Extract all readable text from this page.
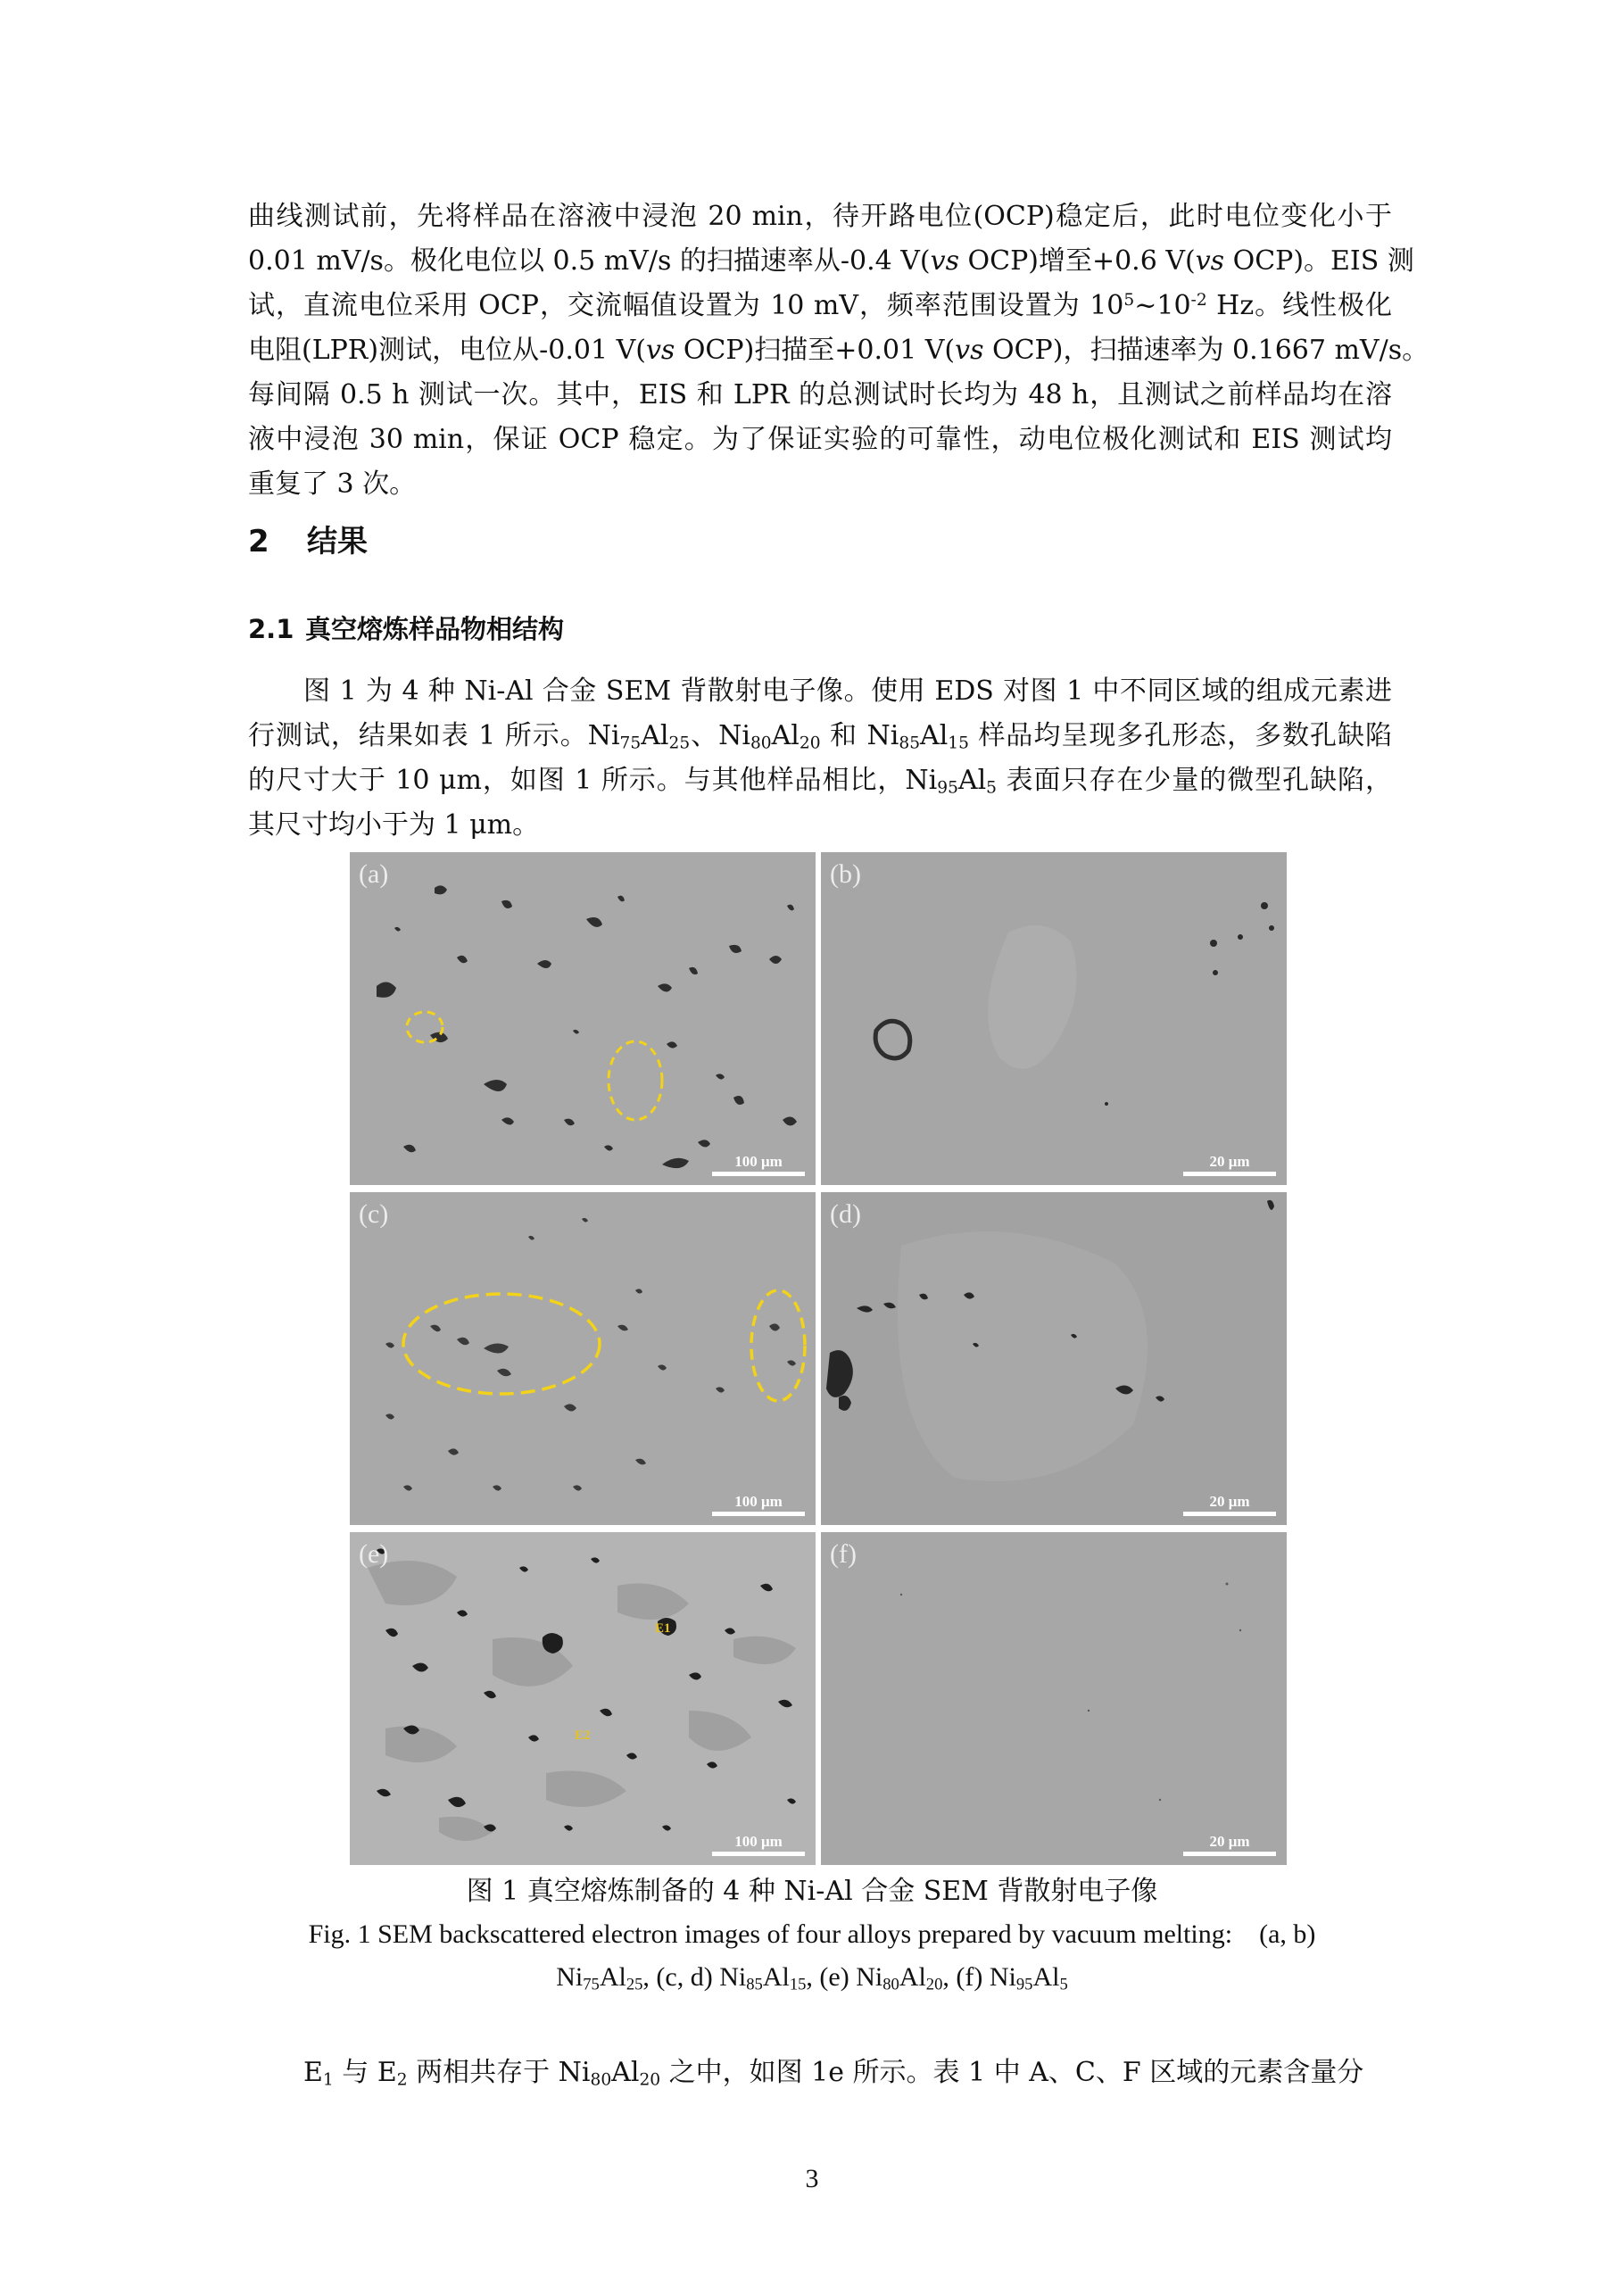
曲线测试前，先将样品在溶液中浸泡 20 min，待开路电位(OCP)稳定后，此时电位变化小于
0.01 mV/s。极化电位以 0.5 mV/s 的扫描速率从-0.4 V(vs OCP)增至+0.6 V(vs OCP)。EIS 测
试，直流电位采用 OCP，交流幅值设置为 10 mV，频率范围设置为 $10^5\sim 10^{-2}$ Hz。线性极化
电阻(LPR)测试，电位从-0.01 V(vs OCP)扫描至+0.01 V(vs OCP)，扫描速率为 0.1667 mV/s。
每间隔 0.5 h 测试一次。其中，EIS 和 LPR 的总测试时长均为 48 h，且测试之前样品均在溶
液中浸泡 30 min，保证 OCP 稳定。为了保证实验的可靠性，动电位极化测试和 EIS 测试均
重复了 3 次。
2 结果
2.1 真空熔炼样品物相结构
图 1 为 4 种 Ni-Al 合金 SEM 背散射电子像。使用 EDS 对图 1 中不同区域的组成元素进
行测试，结果如表 1 所示。$Ni_{75}Al_{25}$、$Ni_{80}Al_{20}$ 和 $Ni_{85}Al_{15}$ 样品均呈现多孔形态，多数孔缺陷
的尺寸大于 10 μm，如图 1 所示。与其他样品相比，$Ni_{95}Al_5$ 表面只存在少量的微型孔缺陷，
其尺寸均小于为 1 μm。
(a)
100 μm
(b)
20 μm
(c)
100 μm
(d)
20 μm
(e)
E1
E2
100 μm
(f)
20 μm
图 1 真空熔炼制备的 4 种 Ni-Al 合金 SEM 背散射电子像
Fig. 1 SEM backscattered electron images of four alloys prepared by vacuum melting:    (a, b)
$Ni_{75}Al_{25}$, (c, d) $Ni_{85}Al_{15}$, (e) $Ni_{80}Al_{20}$, (f) $Ni_{95}Al_5$
$E_1$ 与 $E_2$ 两相共存于 $Ni_{80}Al_{20}$ 之中，如图 1e 所示。表 1 中 A、C、F 区域的元素含量分
3
